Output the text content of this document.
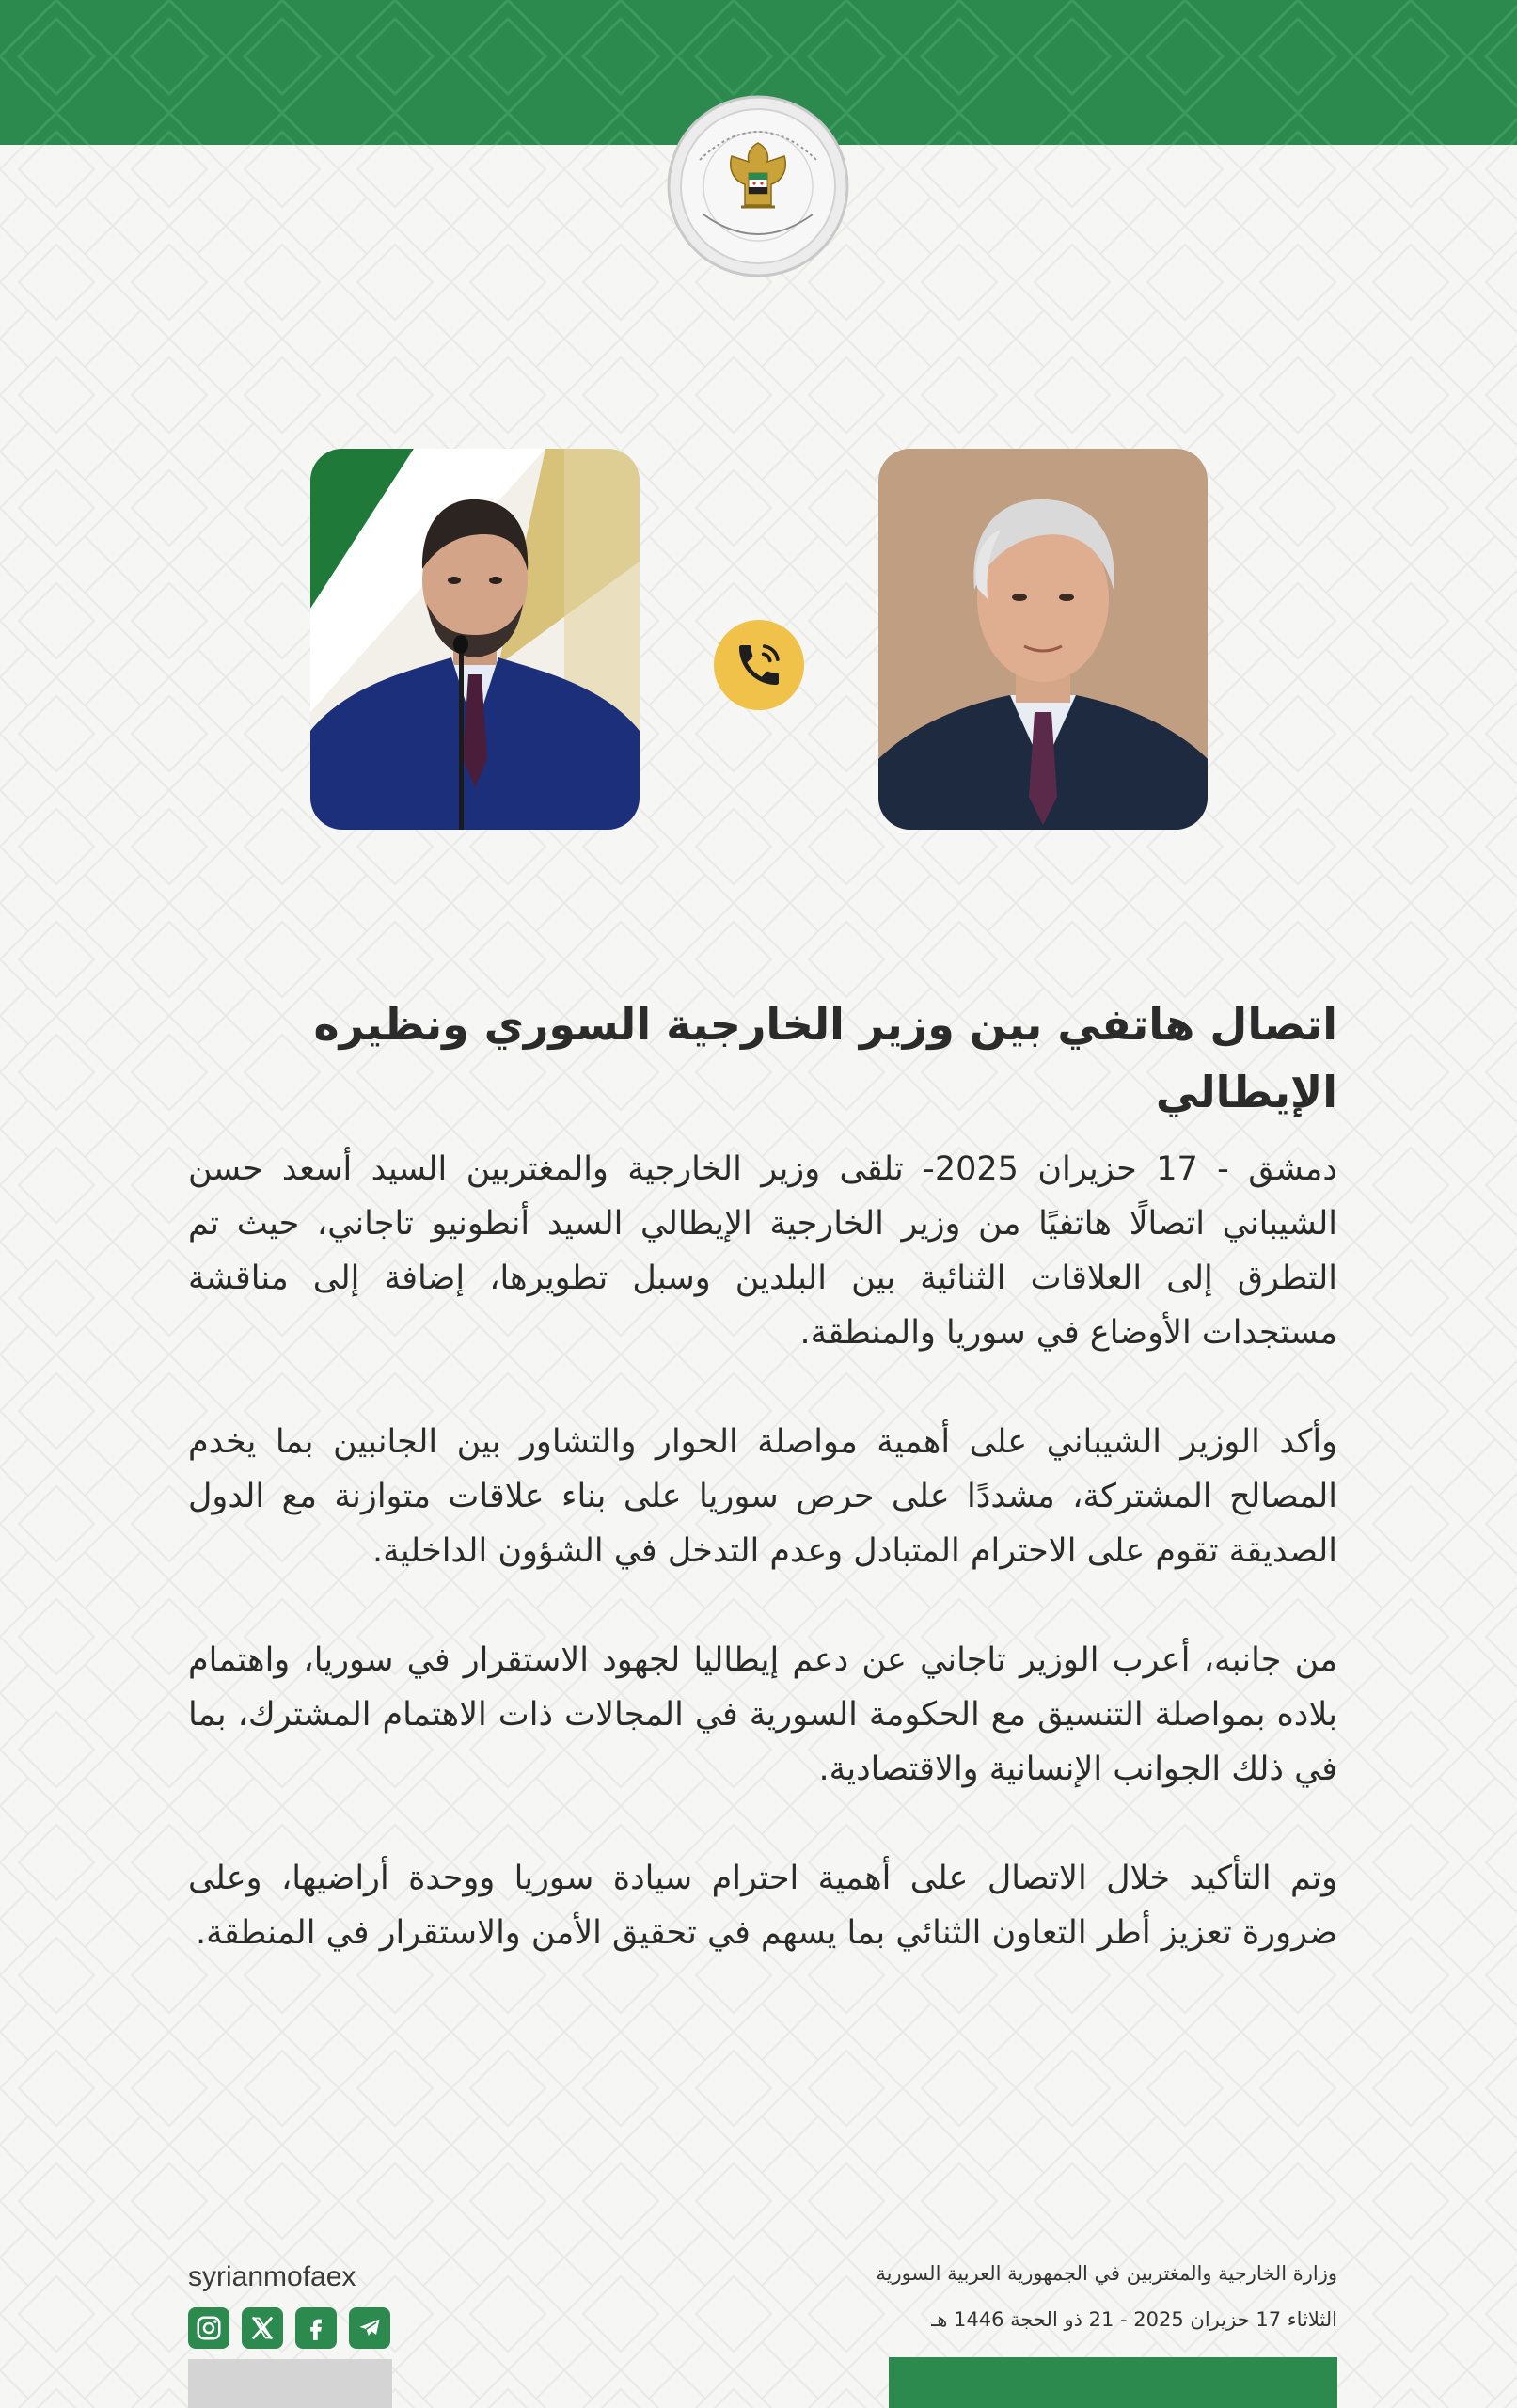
اتصال هاتفي بين وزير الخارجية السوري ونظيره الإيطالي

دمشق - 17 حزيران 2025- تلقى وزير الخارجية والمغتربين السيد أسعد حسن الشيباني اتصالًا هاتفيًا من وزير الخارجية الإيطالي السيد أنطونيو تاجاني، حيث تم التطرق إلى العلاقات الثنائية بين البلدين وسبل تطويرها، إضافة إلى مناقشة مستجدات الأوضاع في سوريا والمنطقة.

وأكد الوزير الشيباني على أهمية مواصلة الحوار والتشاور بين الجانبين بما يخدم المصالح المشتركة، مشددًا على حرص سوريا على بناء علاقات متوازنة مع الدول الصديقة تقوم على الاحترام المتبادل وعدم التدخل في الشؤون الداخلية.

من جانبه، أعرب الوزير تاجاني عن دعم إيطاليا لجهود الاستقرار في سوريا، واهتمام بلاده بمواصلة التنسيق مع الحكومة السورية في المجالات ذات الاهتمام المشترك، بما في ذلك الجوانب الإنسانية والاقتصادية.

وتم التأكيد خلال الاتصال على أهمية احترام سيادة سوريا ووحدة أراضيها، وعلى ضرورة تعزيز أطر التعاون الثنائي بما يسهم في تحقيق الأمن والاستقرار في المنطقة.

syrianmofaex	وزارة الخارجية والمغتربين في الجمهورية العربية السورية
الثلاثاء 17 حزيران 2025 - 21 ذو الحجة 1446 هـ
